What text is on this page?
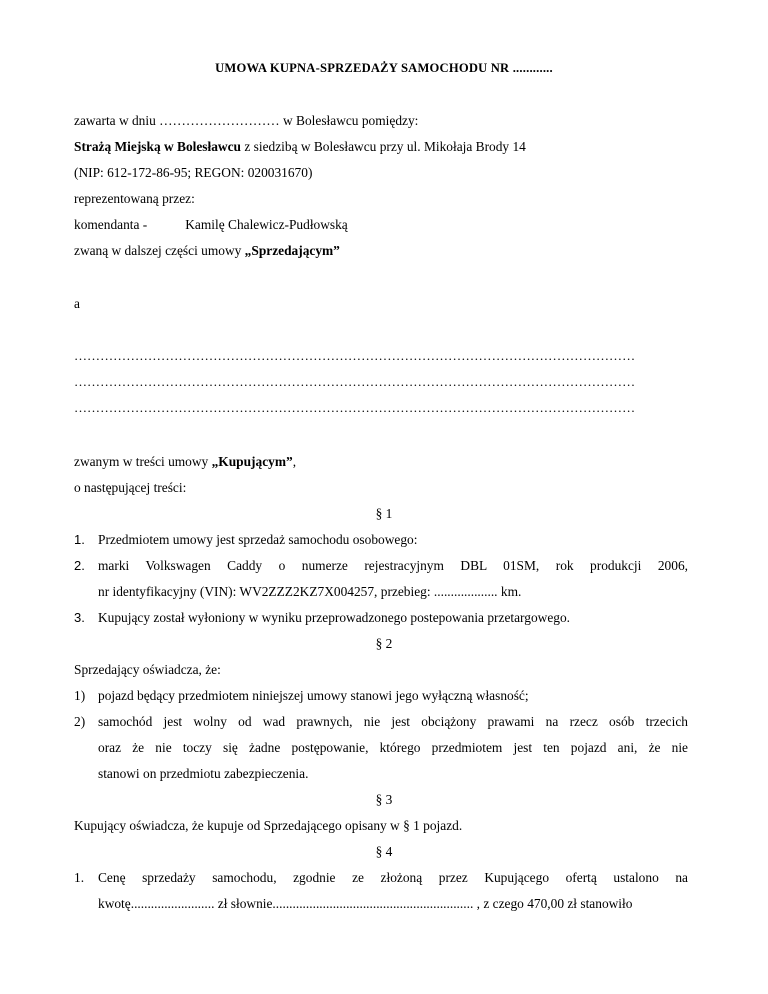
UMOWA KUPNA-SPRZEDAŻY SAMOCHODU NR ............
zawarta w dniu ……………………… w Bolesławcu pomiędzy:
Strażą Miejską w Bolesławcu z siedzibą w Bolesławcu przy ul. Mikołaja Brody 14
(NIP: 612-172-86-95; REGON: 020031670)
reprezentowaną przez:
komendanta -	Kamilę Chalewicz-Pudłowską
zwaną w dalszej części umowy „Sprzedającym”
a
…………………………………………………………………………………………………………………
…………………………………………………………………………………………………………………
…………………………………………………………………………………………………………………
zwanym w treści umowy „Kupującym”,
o następującej treści:
§ 1
1. Przedmiotem umowy jest sprzedaż samochodu osobowego:
2. marki Volkswagen Caddy o numerze rejestracyjnym DBL 01SM, rok produkcji 2006,
nr identyfikacyjny (VIN): WV2ZZZ2KZ7X004257, przebieg: ................... km.
3. Kupujący został wyłoniony w wyniku przeprowadzonego postepowania przetargowego.
§ 2
Sprzedający oświadcza, że:
1) pojazd będący przedmiotem niniejszej umowy stanowi jego wyłączną własność;
2) samochód jest wolny od wad prawnych, nie jest obciążony prawami na rzecz osób trzecich
oraz że nie toczy się żadne postępowanie, którego przedmiotem jest ten pojazd ani, że nie
stanowi on przedmiotu zabezpieczenia.
§ 3
Kupujący oświadcza, że kupuje od Sprzedającego opisany w § 1 pojazd.
§ 4
1.	Cenę sprzedaży samochodu, zgodnie ze złożoną przez Kupującego ofertą ustalono na
kwotę......................... zł słownie............................................................ , z czego 470,00 zł stanowiło
